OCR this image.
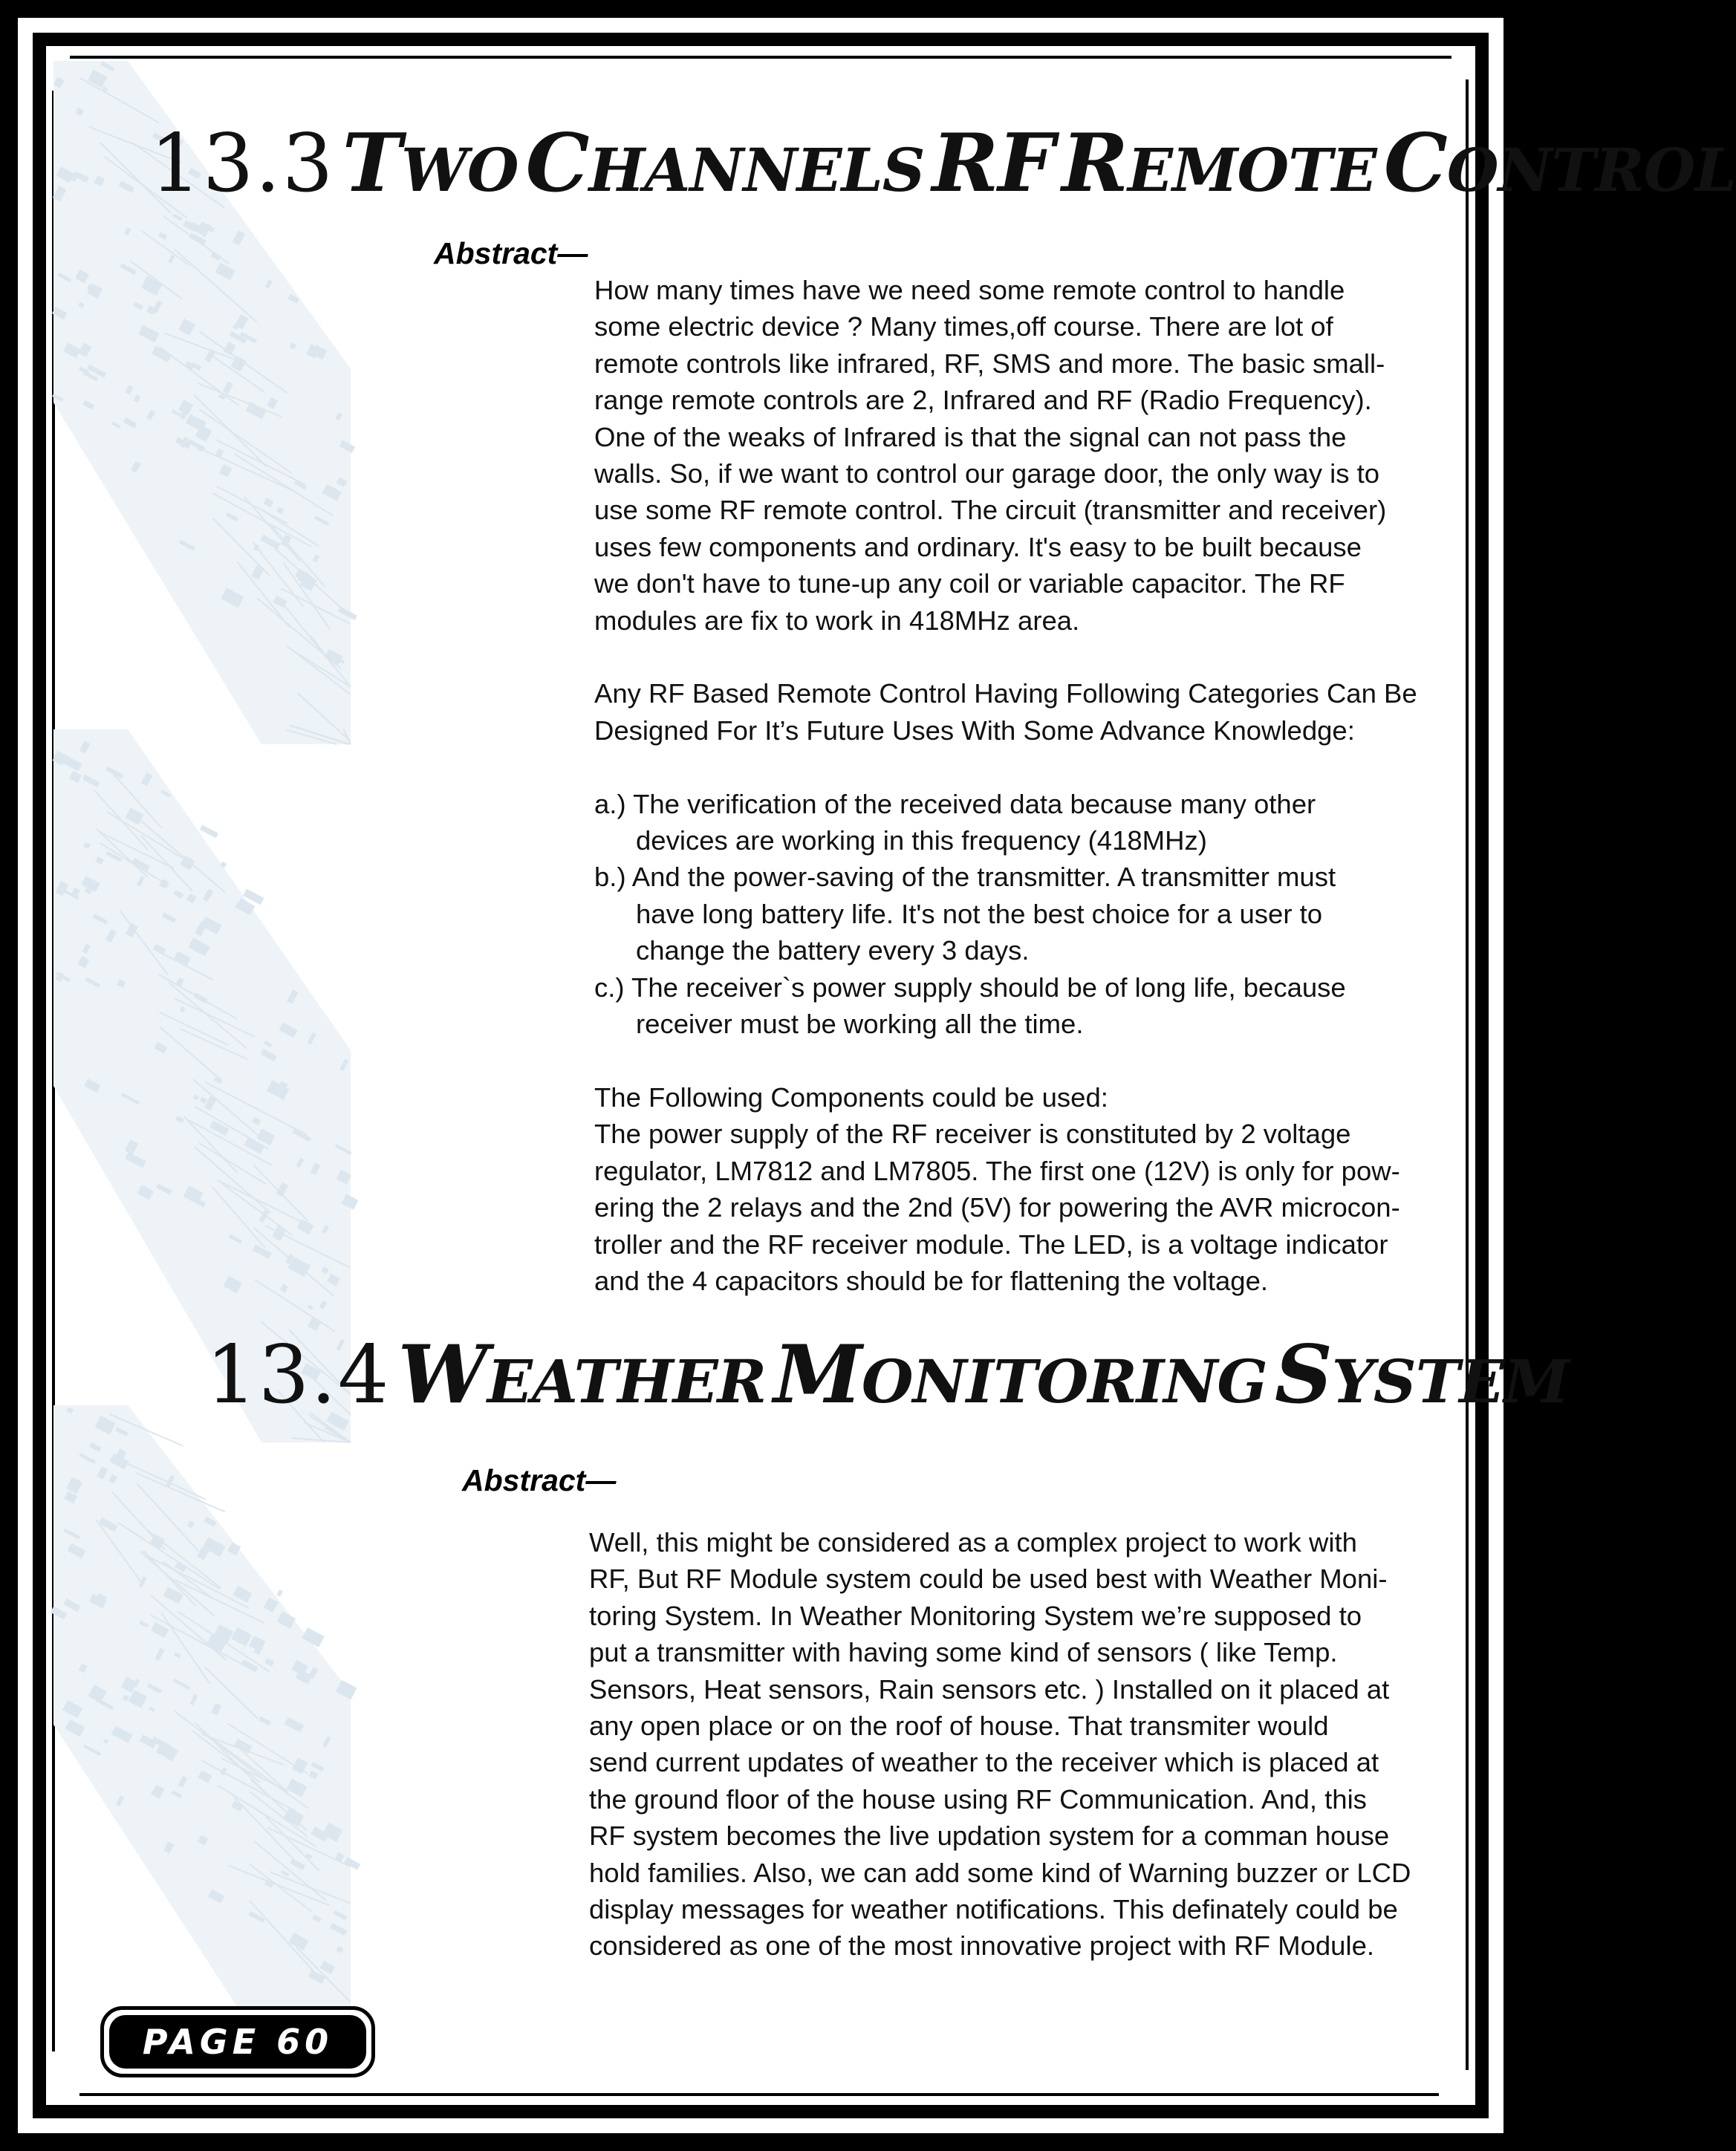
13.3 TWO CHANNELS RF REMOTE CONTROL
Abstract—

How many times have we need some remote control to handle

some electric device ? Many times,off course. There are lot of

remote controls like infrared, RF, SMS and more. The basic small-

range remote controls are 2, Infrared and RF (Radio Frequency).

One of the weaks of Infrared is that the signal can not pass the

walls. So, if we want to control our garage door, the only way is to

use some RF remote control. The circuit (transmitter and receiver)

uses few components and ordinary. It's easy to be built because

we don't have to tune-up any coil or variable capacitor. The RF

modules are fix to work in 418MHz area.

Any RF Based Remote Control Having Following Categories Can Be

Designed For It’s Future Uses With Some Advance Knowledge:

a.) The verification of the received data because many other

devices are working in this frequency (418MHz)

b.) And the power-saving of the transmitter. A transmitter must

have long battery life. It's not the best choice for a user to

change the battery every 3 days.

c.) The receiver`s power supply should be of long life, because

receiver must be working all the time.

The Following Components could be used:

The power supply of the RF receiver is constituted by 2 voltage

regulator, LM7812 and LM7805. The first one (12V) is only for pow-

ering the 2 relays and the 2nd (5V) for powering the AVR microcon-

troller and the RF receiver module. The LED, is a voltage indicator

and the 4 capacitors should be for flattening the voltage.

13.4 WEATHER MONITORING SYSTEM
Abstract—

Well, this might be considered as a complex project to work with

RF, But RF Module system could be used best with Weather Moni-

toring System. In Weather Monitoring System we’re supposed to

put a transmitter with having some kind of sensors ( like Temp.

Sensors, Heat sensors, Rain sensors etc. ) Installed on it placed at

any open place or on the roof of house. That transmiter would

send current updates of weather to the receiver which is placed at

the ground floor of the house using RF Communication. And, this

RF system becomes the live updation system for a comman house

hold families. Also, we can add some kind of Warning buzzer or LCD

display messages for weather notifications. This definately could be

considered as one of the most innovative project with RF Module.

PAGE 60
